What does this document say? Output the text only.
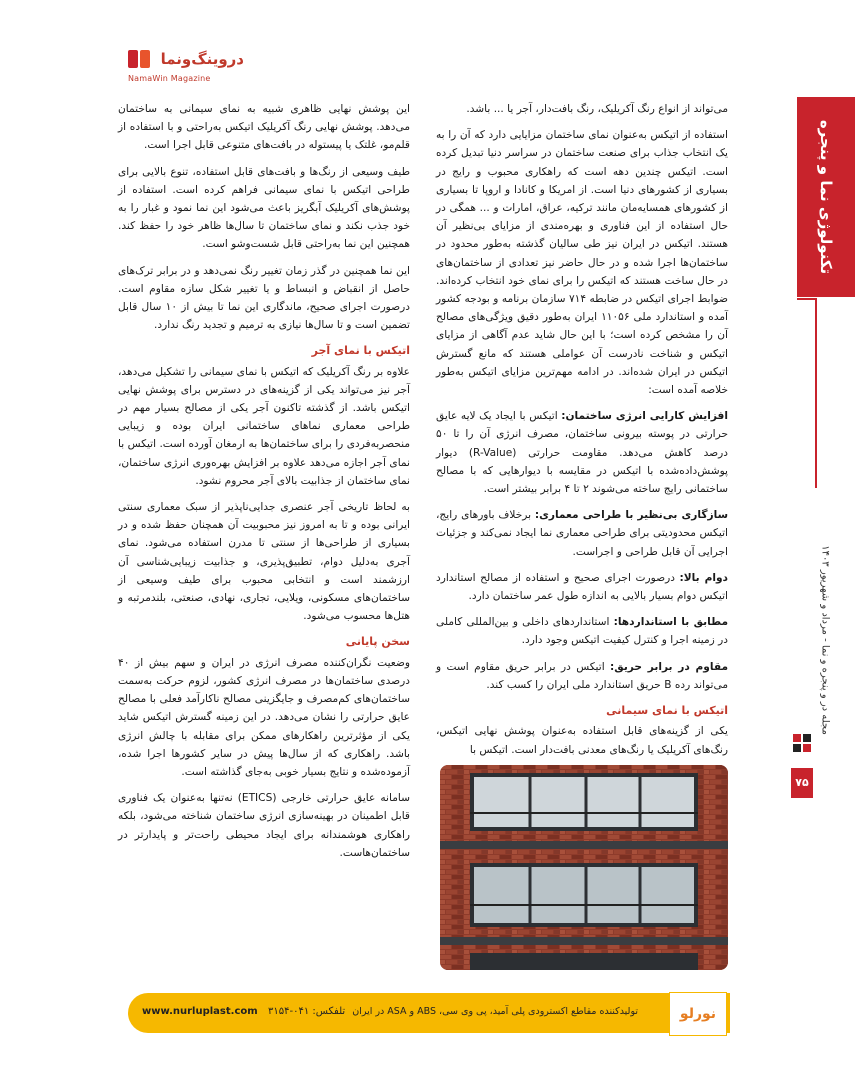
دروینگ‌ونما
NamaWin Magazine
تکنولوژی نما و پنجره
مجله در و پنجره و نما - مرداد و شهریور ۱۴۰۳
۷۵

می‌تواند از انواع رنگ آکریلیک، رنگ بافت‌دار، آجر یا ... باشد.

استفاده از اتیکس به‌عنوان نمای ساختمان مزایایی دارد که آن را به یک انتخاب جذاب برای صنعت ساختمان در سراسر دنیا تبدیل کرده است. اتیکس چندین دهه است که راهکاری محبوب و رایج در بسیاری از کشورهای دنیا است. از امریکا و کانادا و اروپا تا بسیاری از کشورهای همسایه‌مان مانند ترکیه، عراق، امارات و ... همگی در حال استفاده از این فناوری و بهره‌مندی از مزایای بی‌نظیر آن هستند. اتیکس در ایران نیز طی سالیان گذشته به‌طور محدود در ساختمان‌ها اجرا شده و در حال حاضر نیز تعدادی از ساختمان‌های در حال ساخت هستند که اتیکس را برای نمای خود انتخاب کرده‌اند. ضوابط اجرای اتیکس در ضابطه ۷۱۴ سازمان برنامه و بودجه کشور آمده و استاندارد ملی ۱۱۰۵۶ ایران به‌طور دقیق ویژگی‌های مصالح آن را مشخص کرده است؛ با این حال شاید عدم آگاهی از مزایای اتیکس و شناخت نادرست آن عواملی هستند که مانع گسترش اتیکس در ایران شده‌اند. در ادامه مهم‌ترین مزایای اتیکس به‌طور خلاصه آمده است:

افزایش کارایی انرژی ساختمان: اتیکس با ایجاد یک لایه عایق حرارتی در پوسته بیرونی ساختمان، مصرف انرژی آن را تا ۵۰ درصد کاهش می‌دهد. مقاومت حرارتی (R-Value) دیوار پوشش‌داده‌شده با اتیکس در مقایسه با دیوارهایی که با مصالح ساختمانی رایج ساخته می‌شوند ۲ تا ۴ برابر بیشتر است.

سازگاری بی‌نظیر با طراحی معماری: برخلاف باورهای رایج، اتیکس محدودیتی برای طراحی معماری نما ایجاد نمی‌کند و جزئیات اجرایی آن قابل طراحی و اجراست.

دوام بالا: درصورت اجرای صحیح و استفاده از مصالح استاندارد اتیکس دوام بسیار بالایی به اندازه طول عمر ساختمان دارد.

مطابق با استانداردها: استانداردهای داخلی و بین‌المللی کاملی در زمینه اجرا و کنترل کیفیت اتیکس وجود دارد.

مقاوم در برابر حریق: اتیکس در برابر حریق مقاوم است و می‌تواند رده B حریق استاندارد ملی ایران را کسب کند.

اتیکس با نمای سیمانی

یکی از گزینه‌های قابل استفاده به‌عنوان پوشش نهایی اتیکس، رنگ‌های آکریلیک یا رنگ‌های معدنی بافت‌دار است. اتیکس با

این پوشش نهایی ظاهری شبیه به نمای سیمانی به ساختمان می‌دهد. پوشش نهایی رنگ آکریلیک اتیکس به‌راحتی و با استفاده از قلم‌مو، غلتک یا پیستوله در بافت‌های متنوعی قابل اجرا است.

طیف وسیعی از رنگ‌ها و بافت‌های قابل استفاده، تنوع بالایی برای طراحی اتیکس با نمای سیمانی فراهم کرده است. استفاده از پوشش‌های آکریلیک آبگریز باعث می‌شود این نما نمود و غبار را به خود جذب نکند و نمای ساختمان تا سال‌ها ظاهر خود را حفظ کند. همچنین این نما به‌راحتی قابل شست‌وشو است.

این نما همچنین در گذر زمان تغییر رنگ نمی‌دهد و در برابر ترک‌های حاصل از انقباض و انبساط و یا تغییر شکل سازه مقاوم است. درصورت اجرای صحیح، ماندگاری این نما تا بیش از ۱۰ سال قابل تضمین است و تا سال‌ها نیازی به ترمیم و تجدید رنگ ندارد.

اتیکس با نمای آجر

علاوه بر رنگ آکریلیک که اتیکس با نمای سیمانی را تشکیل می‌دهد، آجر نیز می‌تواند یکی از گزینه‌های در دسترس برای پوشش نهایی اتیکس باشد. از گذشته تاکنون آجر یکی از مصالح بسیار مهم در طراحی معماری نماهای ساختمانی ایران بوده و زیبایی منحصربه‌فردی را برای ساختمان‌ها به ارمغان آورده است. اتیکس با نمای آجر اجازه می‌دهد علاوه بر افزایش بهره‌وری انرژی ساختمان، نمای ساختمان از جذابیت بالای آجر محروم نشود.

به لحاظ تاریخی آجر عنصری جدایی‌ناپذیر از سبک معماری سنتی ایرانی بوده و تا به امروز نیز محبوبیت آن همچنان حفظ شده و در بسیاری از طراحی‌ها از سنتی تا مدرن استفاده می‌شود. نمای آجری به‌دلیل دوام، تطبیق‌پذیری، و جذابیت زیبایی‌شناسی آن ارزشمند است و انتخابی محبوب برای طیف وسیعی از ساختمان‌های مسکونی، ویلایی، تجاری، نهادی، صنعتی، بلندمرتبه و هتل‌ها محسوب می‌شود.

سخن پایانی

وضعیت نگران‌کننده مصرف انرژی در ایران و سهم بیش از ۴۰ درصدی ساختمان‌ها در مصرف انرژی کشور، لزوم حرکت به‌سمت ساختمان‌های کم‌مصرف و جایگزینی مصالح ناکارآمد فعلی با مصالح عایق حرارتی را نشان می‌دهد. در این زمینه گسترش اتیکس شاید یکی از مؤثرترین راهکارهای ممکن برای مقابله با چالش انرژی باشد. راهکاری که از سال‌ها پیش در سایر کشورها اجرا شده، آزموده‌شده و نتایج بسیار خوبی به‌جای گذاشته است.

سامانه عایق حرارتی خارجی (ETICS) نه‌تنها به‌عنوان یک فناوری قابل اطمینان در بهینه‌سازی انرژی ساختمان شناخته می‌شود، بلکه راهکاری هوشمندانه برای ایجاد محیطی راحت‌تر و پایدارتر در ساختمان‌هاست.

www.nurluplast.com تلفکس: ۰۴۱-۳۱۵۴ تولیدکننده مقاطع اکسترودی پلی آمید، پی وی سی، ABS و ASA در ایران	نورلو
